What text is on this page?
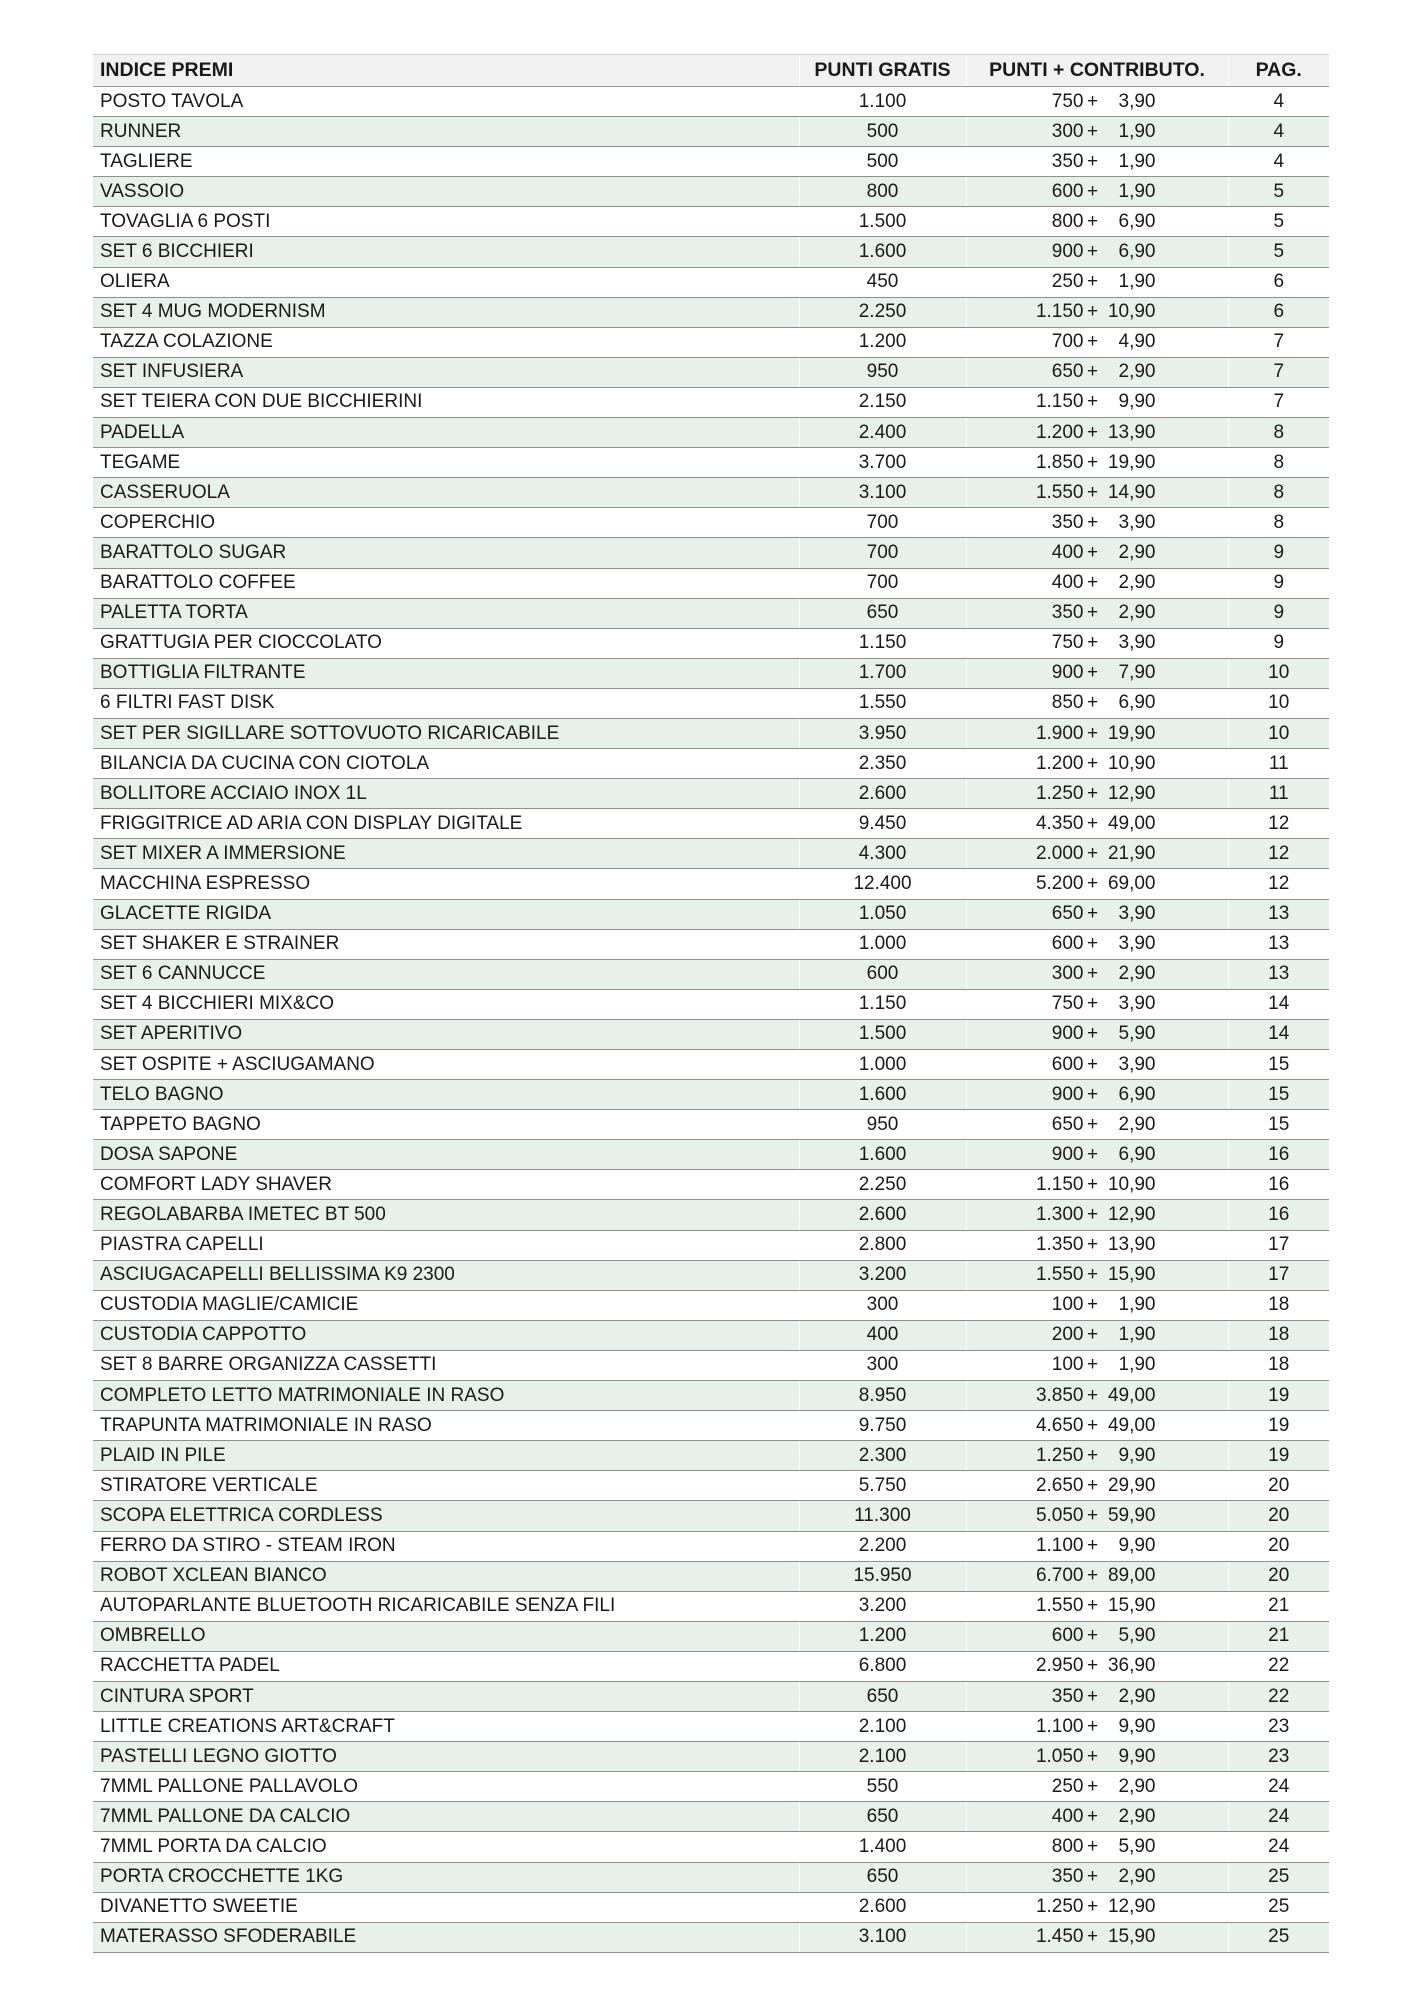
INDICE PREMI	PUNTI GRATIS	PUNTI + CONTRIBUTO.	PAG.
POSTO TAVOLA	1.100	750 + 3,90	4
RUNNER	500	300 + 1,90	4
TAGLIERE	500	350 + 1,90	4
VASSOIO	800	600 + 1,90	5
TOVAGLIA 6 POSTI	1.500	800 + 6,90	5
SET 6 BICCHIERI	1.600	900 + 6,90	5
OLIERA	450	250 + 1,90	6
SET 4 MUG MODERNISM	2.250	1.150 + 10,90	6
TAZZA COLAZIONE	1.200	700 + 4,90	7
SET INFUSIERA	950	650 + 2,90	7
SET TEIERA CON DUE BICCHIERINI	2.150	1.150 + 9,90	7
PADELLA	2.400	1.200 + 13,90	8
TEGAME	3.700	1.850 + 19,90	8
CASSERUOLA	3.100	1.550 + 14,90	8
COPERCHIO	700	350 + 3,90	8
BARATTOLO SUGAR	700	400 + 2,90	9
BARATTOLO COFFEE	700	400 + 2,90	9
PALETTA TORTA	650	350 + 2,90	9
GRATTUGIA PER CIOCCOLATO	1.150	750 + 3,90	9
BOTTIGLIA FILTRANTE	1.700	900 + 7,90	10
6 FILTRI FAST DISK	1.550	850 + 6,90	10
SET PER SIGILLARE SOTTOVUOTO RICARICABILE	3.950	1.900 + 19,90	10
BILANCIA DA CUCINA CON CIOTOLA	2.350	1.200 + 10,90	11
BOLLITORE ACCIAIO INOX 1L	2.600	1.250 + 12,90	11
FRIGGITRICE AD ARIA CON DISPLAY DIGITALE	9.450	4.350 + 49,00	12
SET MIXER A IMMERSIONE	4.300	2.000 + 21,90	12
MACCHINA ESPRESSO	12.400	5.200 + 69,00	12
GLACETTE RIGIDA	1.050	650 + 3,90	13
SET SHAKER E STRAINER	1.000	600 + 3,90	13
SET 6 CANNUCCE	600	300 + 2,90	13
SET 4 BICCHIERI MIX&CO	1.150	750 + 3,90	14
SET APERITIVO	1.500	900 + 5,90	14
SET OSPITE + ASCIUGAMANO	1.000	600 + 3,90	15
TELO BAGNO	1.600	900 + 6,90	15
TAPPETO BAGNO	950	650 + 2,90	15
DOSA SAPONE	1.600	900 + 6,90	16
COMFORT LADY SHAVER	2.250	1.150 + 10,90	16
REGOLABARBA IMETEC BT 500	2.600	1.300 + 12,90	16
PIASTRA CAPELLI	2.800	1.350 + 13,90	17
ASCIUGACAPELLI BELLISSIMA K9 2300	3.200	1.550 + 15,90	17
CUSTODIA MAGLIE/CAMICIE	300	100 + 1,90	18
CUSTODIA CAPPOTTO	400	200 + 1,90	18
SET 8 BARRE ORGANIZZA CASSETTI	300	100 + 1,90	18
COMPLETO LETTO MATRIMONIALE IN RASO	8.950	3.850 + 49,00	19
TRAPUNTA MATRIMONIALE IN RASO	9.750	4.650 + 49,00	19
PLAID IN PILE	2.300	1.250 + 9,90	19
STIRATORE VERTICALE	5.750	2.650 + 29,90	20
SCOPA ELETTRICA CORDLESS	11.300	5.050 + 59,90	20
FERRO DA STIRO - STEAM IRON	2.200	1.100 + 9,90	20
ROBOT XCLEAN BIANCO	15.950	6.700 + 89,00	20
AUTOPARLANTE BLUETOOTH RICARICABILE SENZA FILI	3.200	1.550 + 15,90	21
OMBRELLO	1.200	600 + 5,90	21
RACCHETTA PADEL	6.800	2.950 + 36,90	22
CINTURA SPORT	650	350 + 2,90	22
LITTLE CREATIONS ART&CRAFT	2.100	1.100 + 9,90	23
PASTELLI LEGNO GIOTTO	2.100	1.050 + 9,90	23
7MML PALLONE PALLAVOLO	550	250 + 2,90	24
7MML PALLONE DA CALCIO	650	400 + 2,90	24
7MML PORTA DA CALCIO	1.400	800 + 5,90	24
PORTA CROCCHETTE 1KG	650	350 + 2,90	25
DIVANETTO SWEETIE	2.600	1.250 + 12,90	25
MATERASSO SFODERABILE	3.100	1.450 + 15,90	25
